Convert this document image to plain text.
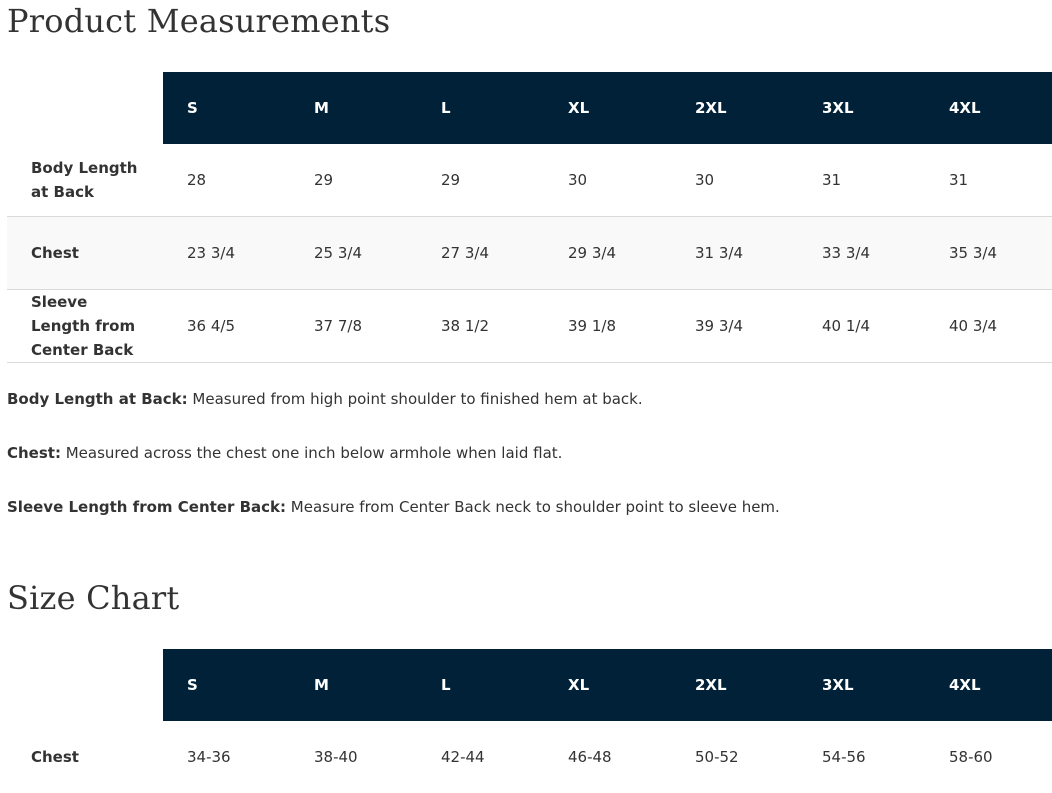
Product Measurements
	S	M	L	XL	2XL	3XL	4XL
Body Length at Back	28	29	29	30	30	31	31
Chest	23 3/4	25 3/4	27 3/4	29 3/4	31 3/4	33 3/4	35 3/4
Sleeve Length from Center Back	36 4/5	37 7/8	38 1/2	39 1/8	39 3/4	40 1/4	40 3/4
Body Length at Back: Measured from high point shoulder to finished hem at back.
Chest: Measured across the chest one inch below armhole when laid flat.
Sleeve Length from Center Back: Measure from Center Back neck to shoulder point to sleeve hem.
Size Chart
	S	M	L	XL	2XL	3XL	4XL
Chest	34-36	38-40	42-44	46-48	50-52	54-56	58-60
